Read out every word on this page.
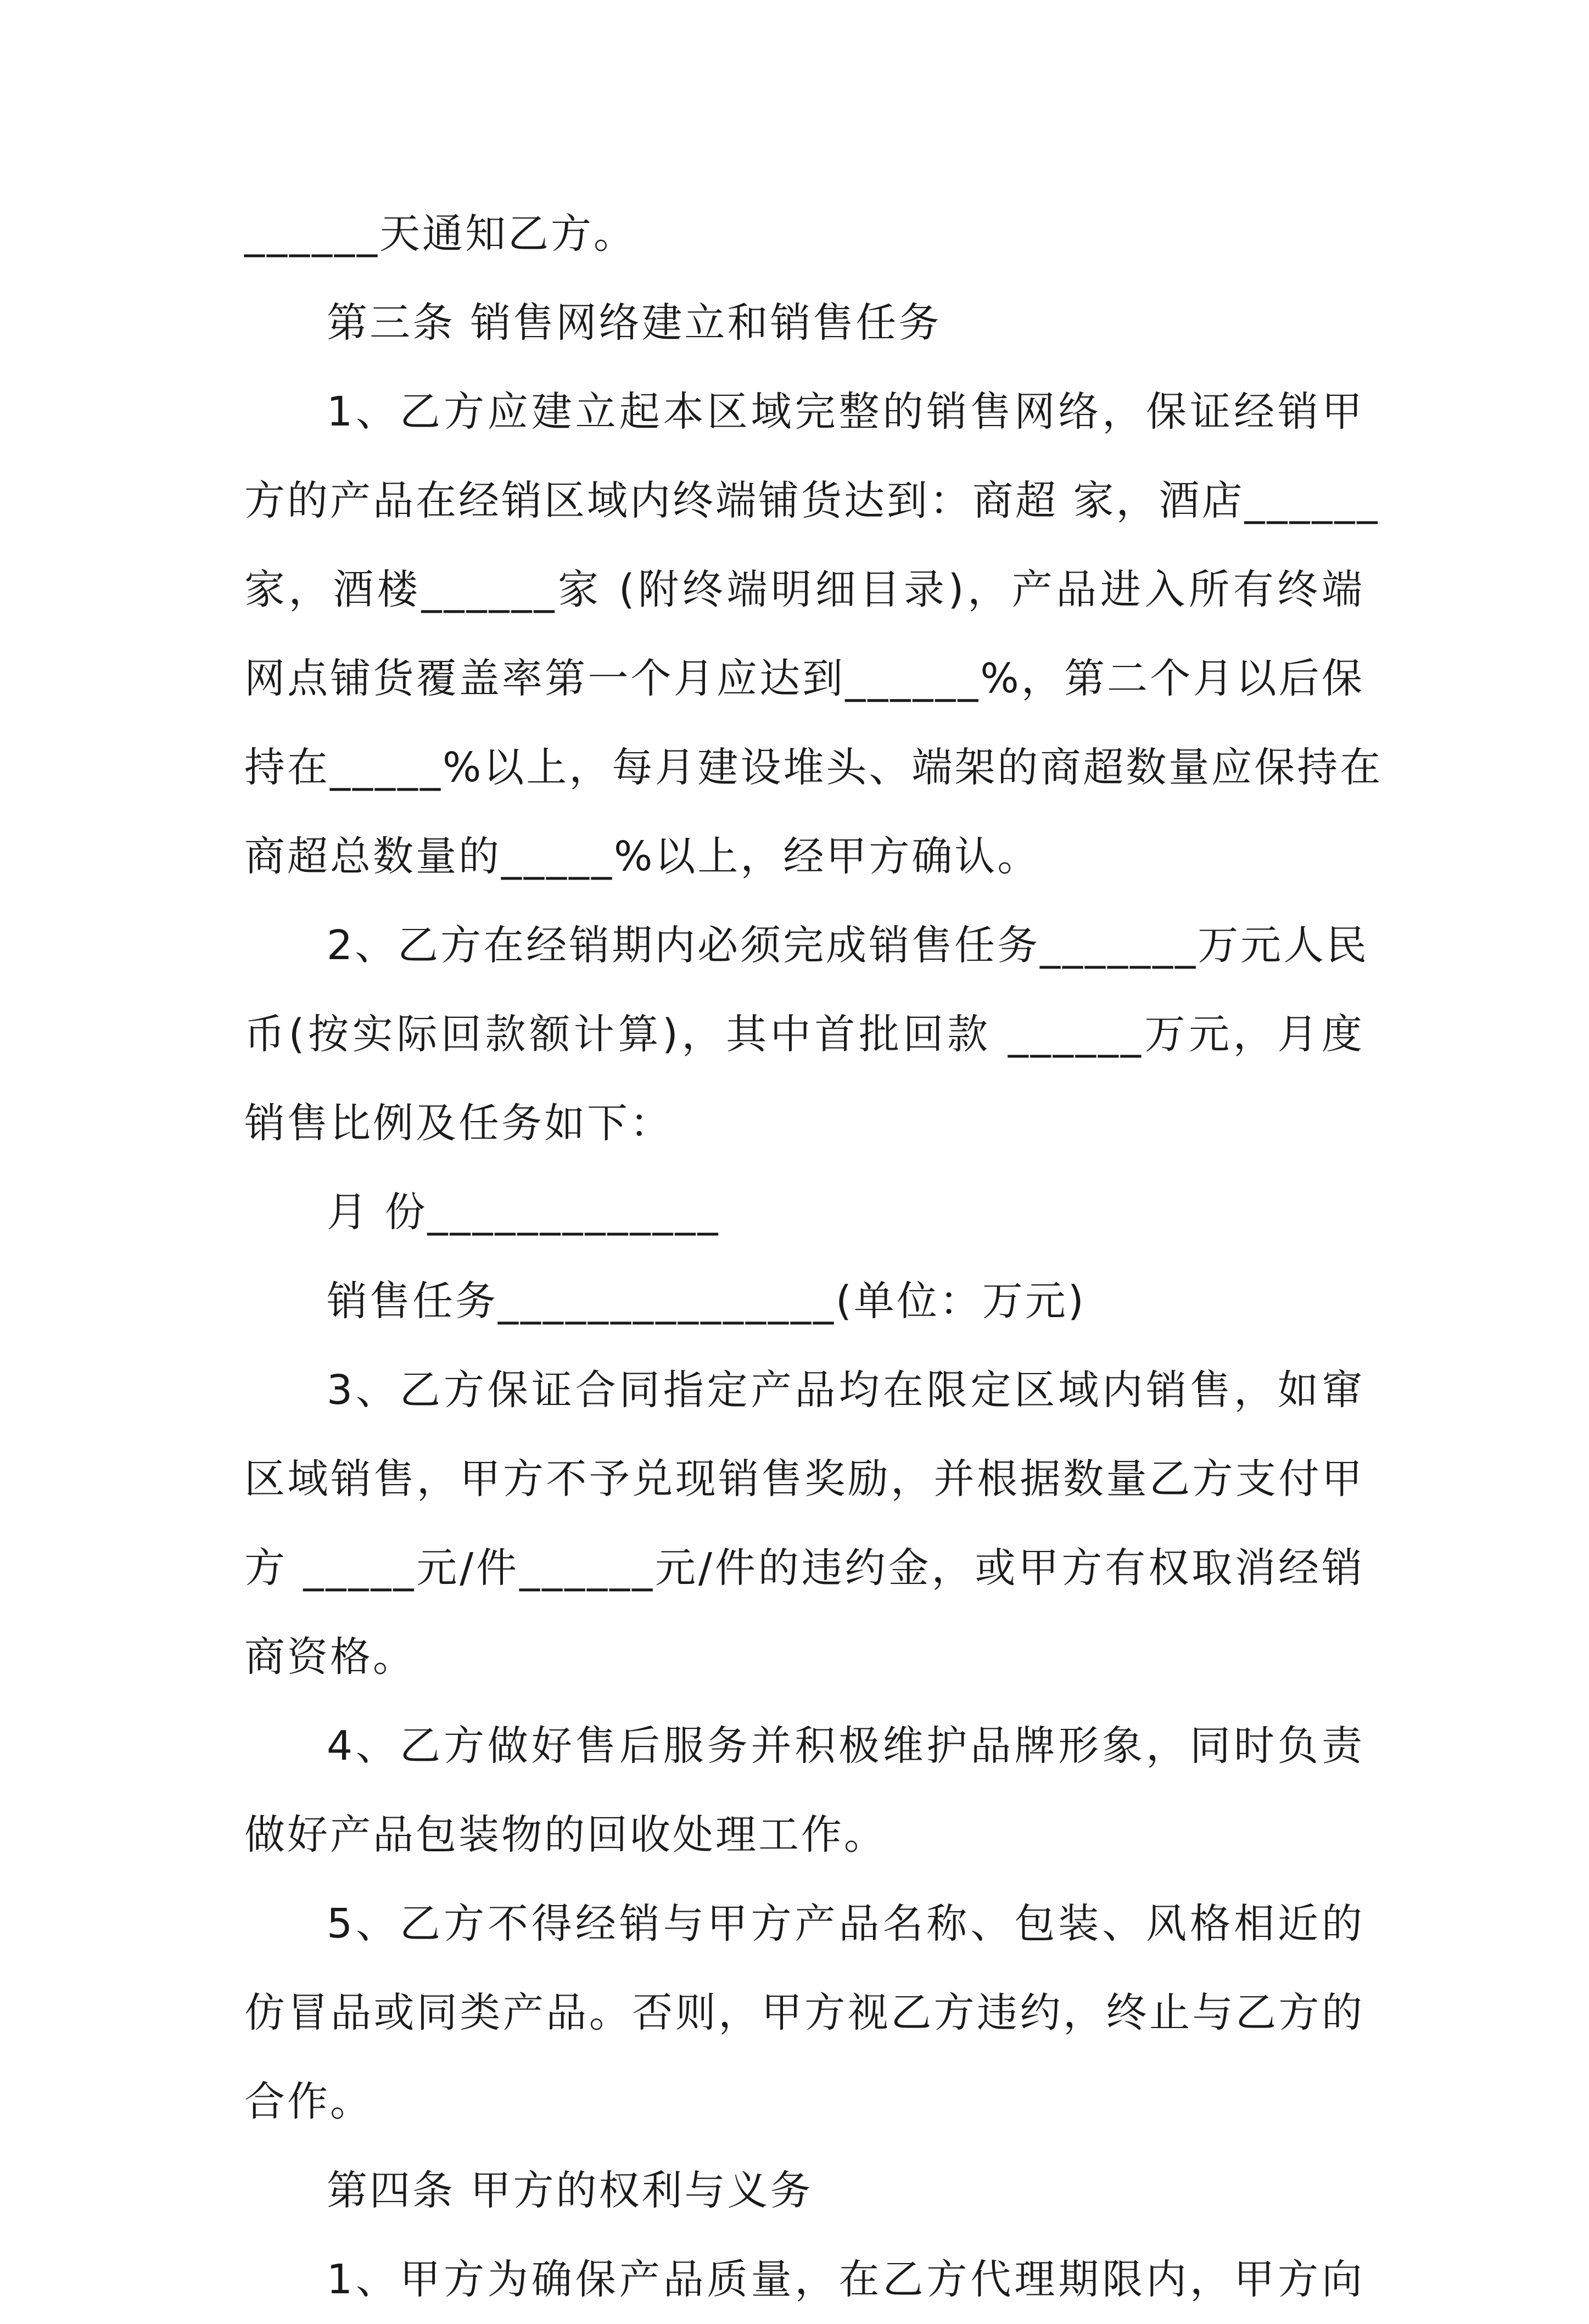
______天通知乙方。
第三条 销售网络建立和销售任务
1、乙方应建立起本区域完整的销售网络，保证经销甲
方的产品在经销区域内终端铺货达到：商超 家，酒店______
家，酒楼______家 (附终端明细目录)，产品进入所有终端
网点铺货覆盖率第一个月应达到______%，第二个月以后保
持在_____%以上，每月建设堆头、端架的商超数量应保持在
商超总数量的_____%以上，经甲方确认。
2、乙方在经销期内必须完成销售任务_______万元人民
币(按实际回款额计算)，其中首批回款 ______万元，月度
销售比例及任务如下：
月 份_____________
销售任务_______________(单位：万元)
3、乙方保证合同指定产品均在限定区域内销售，如窜
区域销售，甲方不予兑现销售奖励，并根据数量乙方支付甲
方 _____元/件______元/件的违约金，或甲方有权取消经销
商资格。
4、乙方做好售后服务并积极维护品牌形象，同时负责
做好产品包装物的回收处理工作。
5、乙方不得经销与甲方产品名称、包装、风格相近的
仿冒品或同类产品。否则，甲方视乙方违约，终止与乙方的
合作。
第四条 甲方的权利与义务
1、甲方为确保产品质量，在乙方代理期限内，甲方向
